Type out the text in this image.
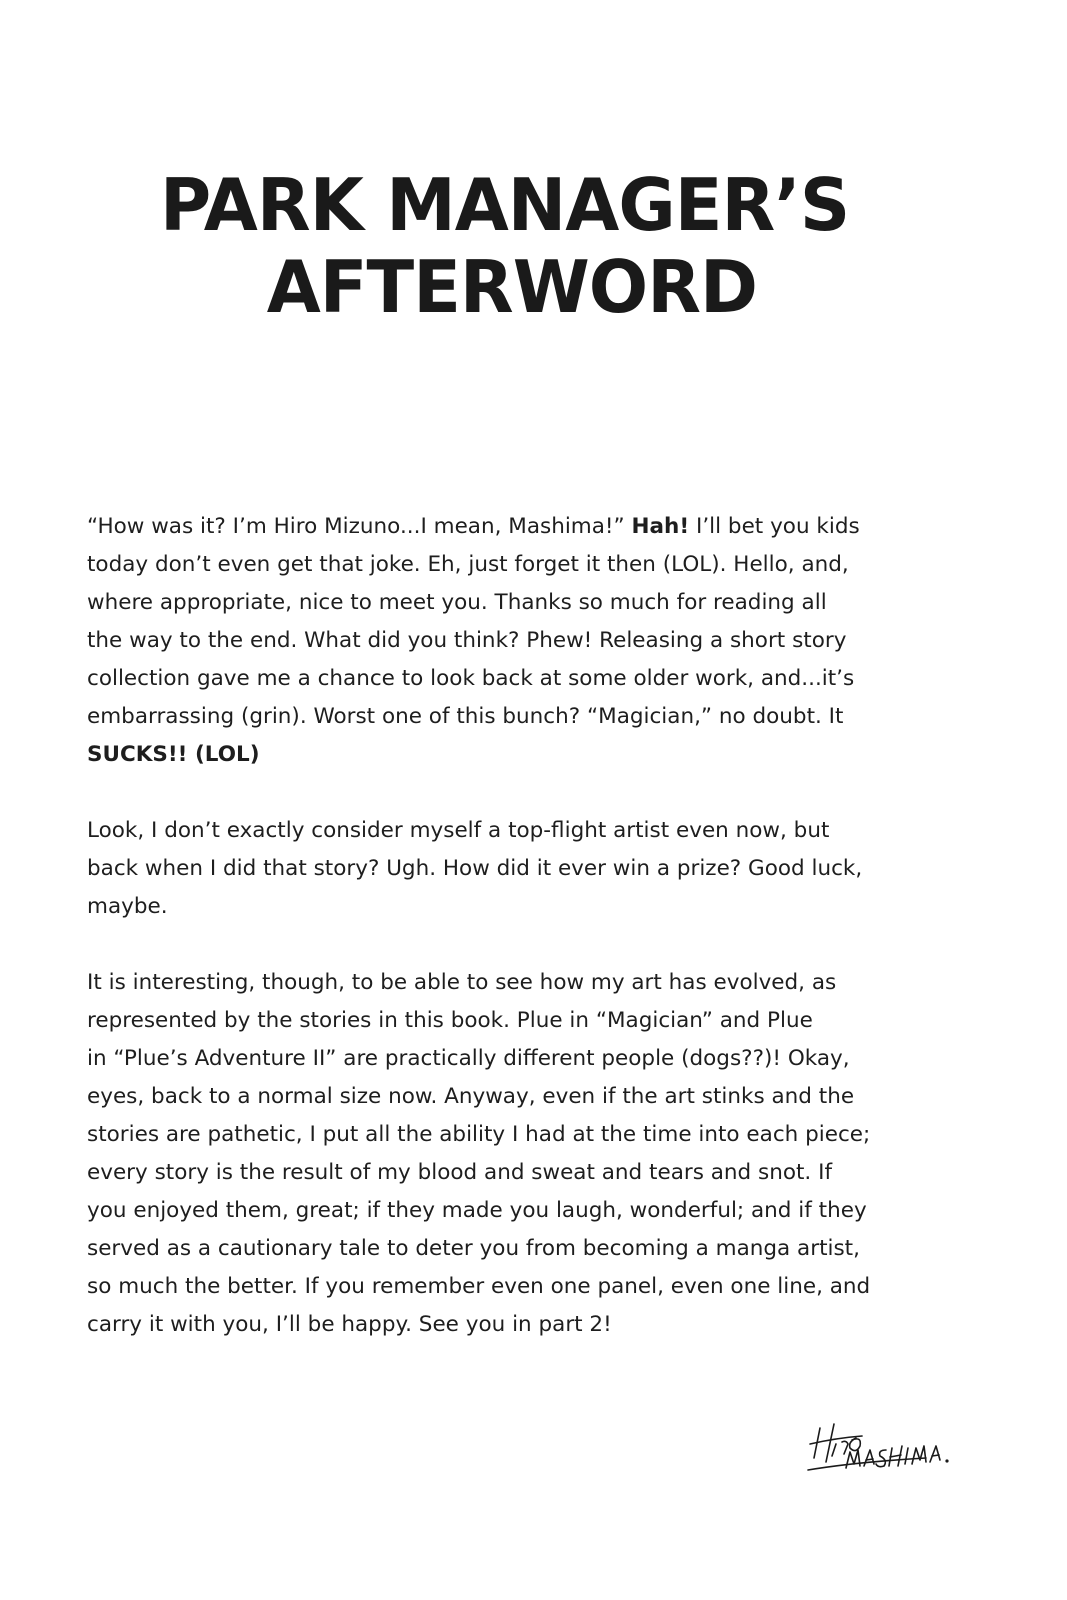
PARK MANAGER’S
AFTERWORD

“How was it? I’m Hiro Mizuno...I mean, Mashima!” Hah! I’ll bet you kids
today don’t even get that joke. Eh, just forget it then (LOL). Hello, and,
where appropriate, nice to meet you. Thanks so much for reading all
the way to the end. What did you think? Phew! Releasing a short story
collection gave me a chance to look back at some older work, and...it’s
embarrassing (grin). Worst one of this bunch? “Magician,” no doubt. It
SUCKS!! (LOL)

Look, I don’t exactly consider myself a top-flight artist even now, but
back when I did that story? Ugh. How did it ever win a prize? Good luck,
maybe.

It is interesting, though, to be able to see how my art has evolved, as
represented by the stories in this book. Plue in “Magician” and Plue
in “Plue’s Adventure II” are practically different people (dogs??)! Okay,
eyes, back to a normal size now. Anyway, even if the art stinks and the
stories are pathetic, I put all the ability I had at the time into each piece;
every story is the result of my blood and sweat and tears and snot. If
you enjoyed them, great; if they made you laugh, wonderful; and if they
served as a cautionary tale to deter you from becoming a manga artist,
so much the better. If you remember even one panel, even one line, and
carry it with you, I’ll be happy. See you in part 2!
